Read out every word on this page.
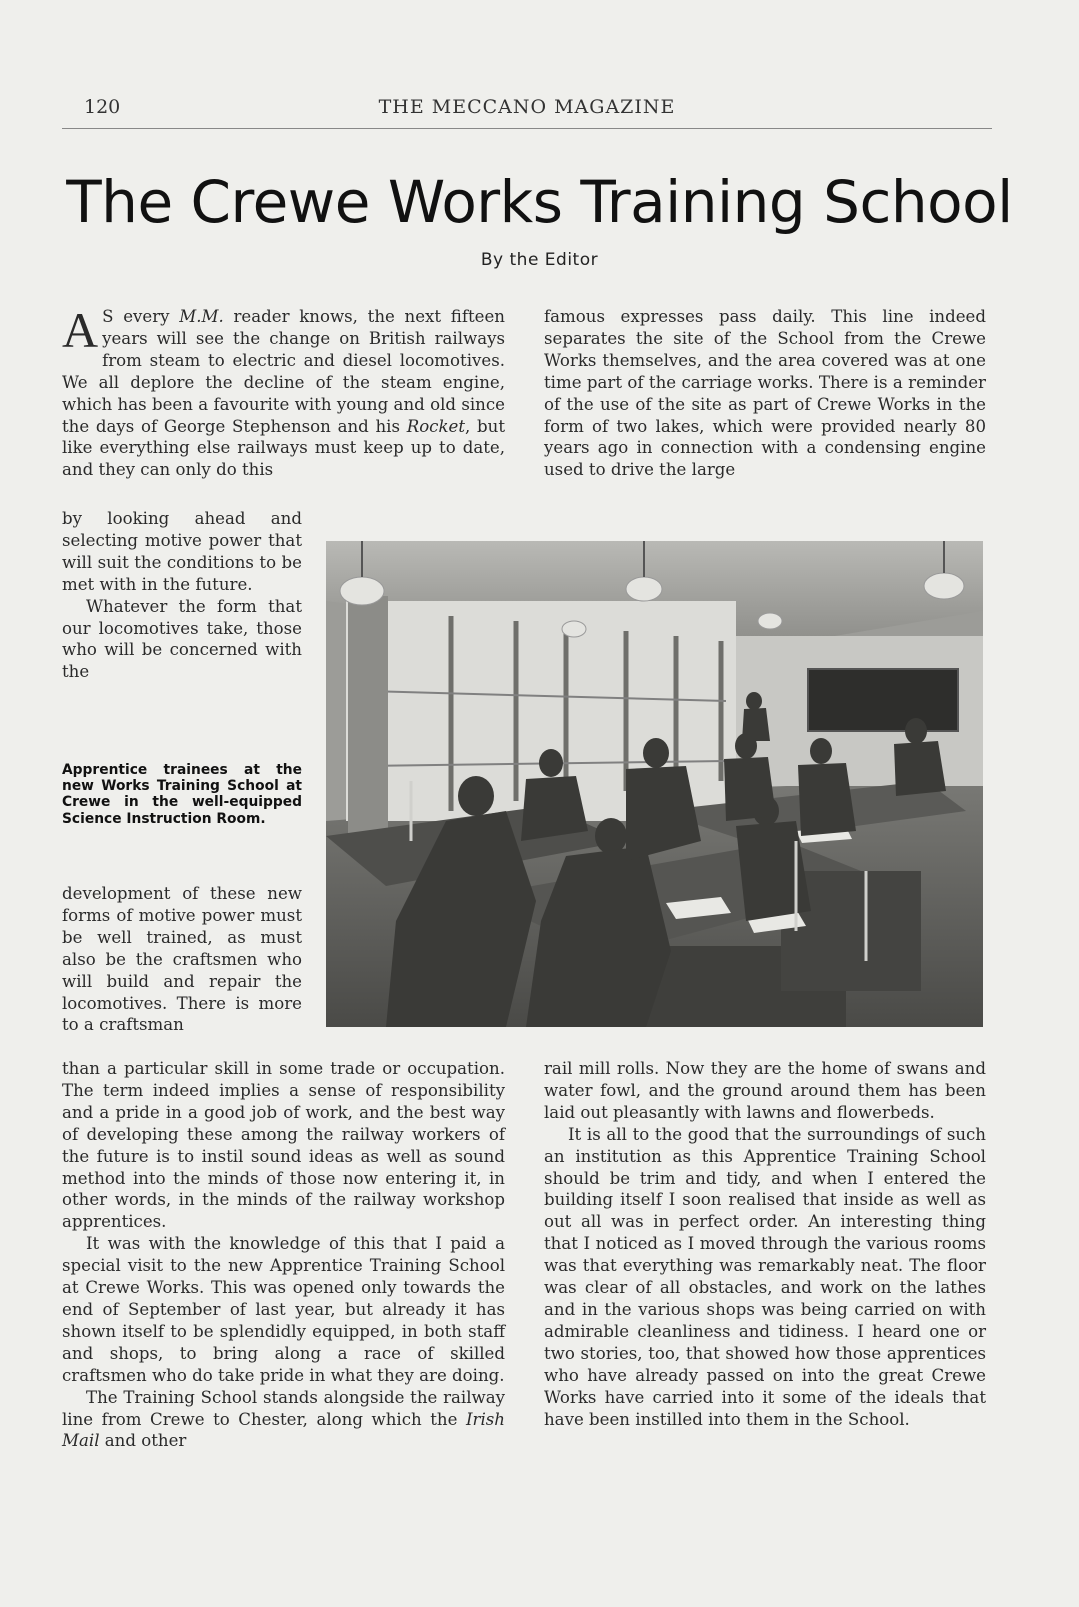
120	THE MECCANO MAGAZINE
The Crewe Works Training School
By the Editor

A S every M.M. reader knows, the next fifteen years will see the change on British railways from steam to electric and diesel locomotives. We all deplore the decline of the steam engine, which has been a favourite with young and old since the days of George Stephenson and his Rocket, but like everything else railways must keep up to date, and they can only do this

by looking ahead and selecting motive power that will suit the conditions to be met with in the future.

Whatever the form that our locomotives take, those who will be concerned with the

Apprentice trainees at the new Works Training School at Crewe in the well-equipped Science Instruction Room.

development of these new forms of motive power must be well trained, as must also be the craftsmen who will build and repair the locomotives. There is more to a craftsman

than a particular skill in some trade or occupation. The term indeed implies a sense of responsibility and a pride in a good job of work, and the best way of developing these among the railway workers of the future is to instil sound ideas as well as sound method into the minds of those now entering it, in other words, in the minds of the railway workshop apprentices.

It was with the knowledge of this that I paid a special visit to the new Apprentice Training School at Crewe Works. This was opened only towards the end of September of last year, but already it has shown itself to be splendidly equipped, in both staff and shops, to bring along a race of skilled craftsmen who do take pride in what they are doing.

The Training School stands alongside the railway line from Crewe to Chester, along which the Irish Mail and other

famous expresses pass daily. This line indeed separates the site of the School from the Crewe Works themselves, and the area covered was at one time part of the carriage works. There is a reminder of the use of the site as part of Crewe Works in the form of two lakes, which were provided nearly 80 years ago in connection with a condensing engine used to drive the large

rail mill rolls. Now they are the home of swans and water fowl, and the ground around them has been laid out pleasantly with lawns and flowerbeds.

It is all to the good that the surroundings of such an institution as this Apprentice Training School should be trim and tidy, and when I entered the building itself I soon realised that inside as well as out all was in perfect order. An interesting thing that I noticed as I moved through the various rooms was that everything was remarkably neat. The floor was clear of all obstacles, and work on the lathes and in the various shops was being carried on with admirable cleanliness and tidiness. I heard one or two stories, too, that showed how those apprentices who have already passed on into the great Crewe Works have carried into it some of the ideals that have been instilled into them in the School.
